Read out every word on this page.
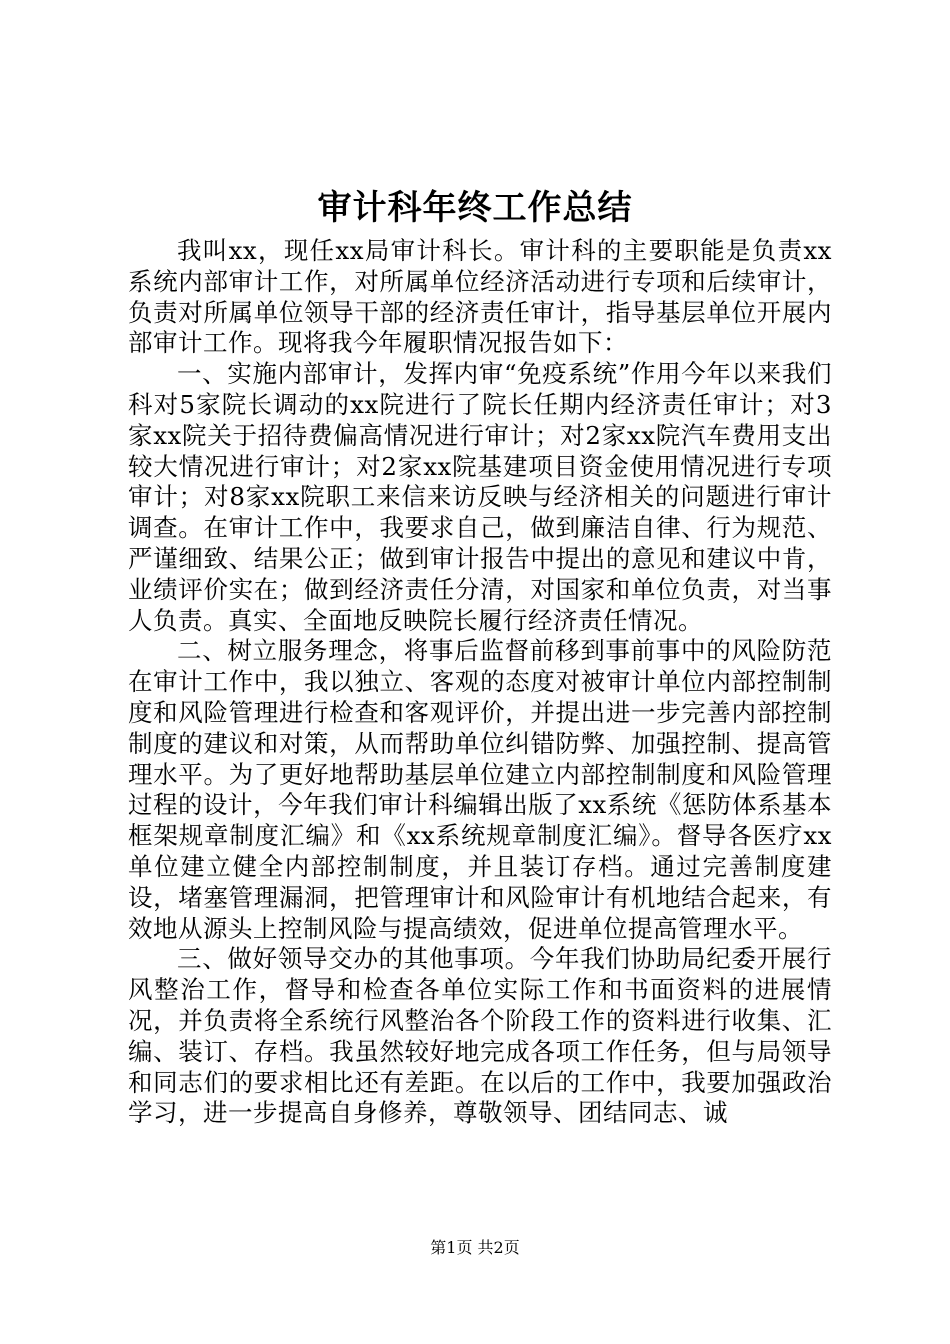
审计科年终工作总结

我叫xx，现任xx局审计科长。审计科的主要职能是负责xx系统内部审计工作，对所属单位经济活动进行专项和后续审计，负责对所属单位领导干部的经济责任审计，指导基层单位开展内部审计工作。现将我今年履职情况报告如下：

一、实施内部审计，发挥内审“免疫系统”作用今年以来我们科对5家院长调动的xx院进行了院长任期内经济责任审计；对3家xx院关于招待费偏高情况进行审计；对2家xx院汽车费用支出较大情况进行审计；对2家xx院基建项目资金使用情况进行专项审计；对8家xx院职工来信来访反映与经济相关的问题进行审计调查。在审计工作中，我要求自己，做到廉洁自律、行为规范、严谨细致、结果公正；做到审计报告中提出的意见和建议中肯，业绩评价实在；做到经济责任分清，对国家和单位负责，对当事人负责。真实、全面地反映院长履行经济责任情况。

二、树立服务理念，将事后监督前移到事前事中的风险防范在审计工作中，我以独立、客观的态度对被审计单位内部控制制度和风险管理进行检查和客观评价，并提出进一步完善内部控制制度的建议和对策，从而帮助单位纠错防弊、加强控制、提高管理水平。为了更好地帮助基层单位建立内部控制制度和风险管理过程的设计，今年我们审计科编辑出版了xx系统《惩防体系基本框架规章制度汇编》和《xx系统规章制度汇编》。督导各医疗xx单位建立健全内部控制制度，并且装订存档。通过完善制度建设，堵塞管理漏洞，把管理审计和风险审计有机地结合起来，有效地从源头上控制风险与提高绩效，促进单位提高管理水平。

三、做好领导交办的其他事项。今年我们协助局纪委开展行风整治工作，督导和检查各单位实际工作和书面资料的进展情况，并负责将全系统行风整治各个阶段工作的资料进行收集、汇编、装订、存档。我虽然较好地完成各项工作任务，但与局领导和同志们的要求相比还有差距。在以后的工作中，我要加强政治学习，进一步提高自身修养，尊敬领导、团结同志、诚

第1页 共2页
